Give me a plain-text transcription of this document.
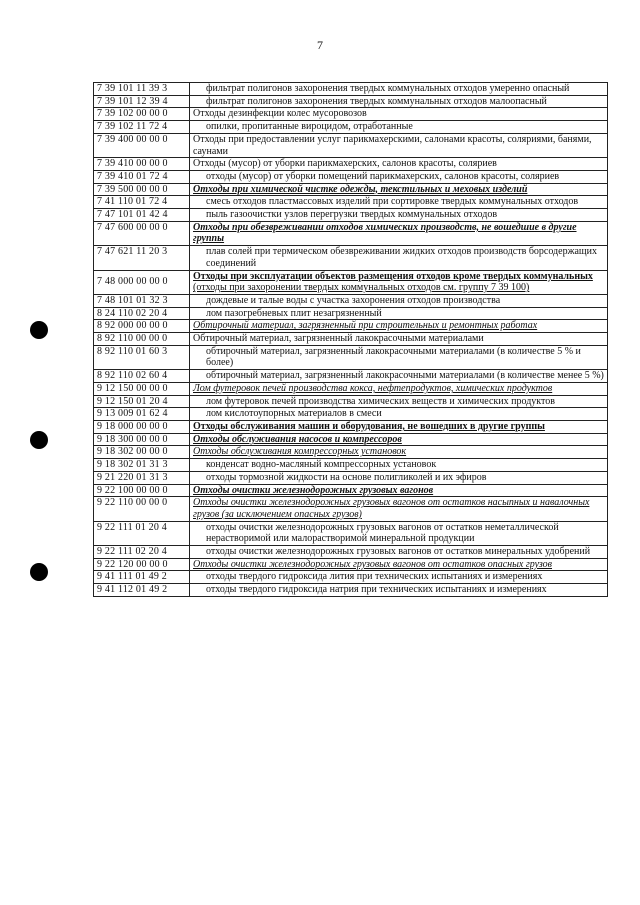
7
7 39 101 11 39 3	фильтрат полигонов захоронения твердых коммунальных отходов умеренно опасный
7 39 101 12 39 4	фильтрат полигонов захоронения твердых коммунальных отходов малоопасный
7 39 102 00 00 0	Отходы дезинфекции колес мусоровозов
7 39 102 11 72 4	опилки, пропитанные вироцидом, отработанные
7 39 400 00 00 0	Отходы при предоставлении услуг парикмахерскими, салонами красоты, соляриями, банями, саунами
7 39 410 00 00 0	Отходы (мусор) от уборки парикмахерских, салонов красоты, соляриев
7 39 410 01 72 4	отходы (мусор) от уборки помещений парикмахерских, салонов красоты, соляриев
7 39 500 00 00 0	Отходы при химической чистке одежды, текстильных и меховых изделий
7 41 110 01 72 4	смесь отходов пластмассовых изделий при сортировке твердых коммунальных отходов
7 47 101 01 42 4	пыль газоочистки узлов перегрузки твердых коммунальных отходов
7 47 600 00 00 0	Отходы при обезвреживании отходов химических производств, не вошедшие в другие группы
7 47 621 11 20 3	плав солей при термическом обезвреживании жидких отходов производств борсодержащих соединений
7 48 000 00 00 0	Отходы при эксплуатации объектов размещения отходов кроме твердых коммунальных (отходы при захоронении твердых коммунальных отходов см. группу 7 39 100)
7 48 101 01 32 3	дождевые и талые воды с участка захоронения отходов производства
8 24 110 02 20 4	лом пазогребневых плит незагрязненный
8 92 000 00 00 0	Обтирочный материал, загрязненный при строительных и ремонтных работах
8 92 110 00 00 0	Обтирочный материал, загрязненный лакокрасочными материалами
8 92 110 01 60 3	обтирочный материал, загрязненный лакокрасочными материалами (в количестве 5 % и более)
8 92 110 02 60 4	обтирочный материал, загрязненный лакокрасочными материалами (в количестве менее 5 %)
9 12 150 00 00 0	Лом футеровок печей производства кокса, нефтепродуктов, химических продуктов
9 12 150 01 20 4	лом футеровок печей производства химических веществ и химических продуктов
9 13 009 01 62 4	лом кислотоупорных материалов в смеси
9 18 000 00 00 0	Отходы обслуживания машин и оборудования, не вошедших в другие группы
9 18 300 00 00 0	Отходы обслуживания насосов и компрессоров
9 18 302 00 00 0	Отходы обслуживания компрессорных установок
9 18 302 01 31 3	конденсат водно-масляный компрессорных установок
9 21 220 01 31 3	отходы тормозной жидкости на основе полигликолей и их эфиров
9 22 100 00 00 0	Отходы очистки железнодорожных грузовых вагонов
9 22 110 00 00 0	Отходы очистки железнодорожных грузовых вагонов от остатков насыпных и навалочных грузов (за исключением опасных грузов)
9 22 111 01 20 4	отходы очистки железнодорожных грузовых вагонов от остатков неметаллической нерастворимой или малорастворимой минеральной продукции
9 22 111 02 20 4	отходы очистки железнодорожных грузовых вагонов от остатков минеральных удобрений
9 22 120 00 00 0	Отходы очистки железнодорожных грузовых вагонов от остатков опасных грузов
9 41 111 01 49 2	отходы твердого гидроксида лития при технических испытаниях и измерениях
9 41 112 01 49 2	отходы твердого гидроксида натрия при технических испытаниях и измерениях
